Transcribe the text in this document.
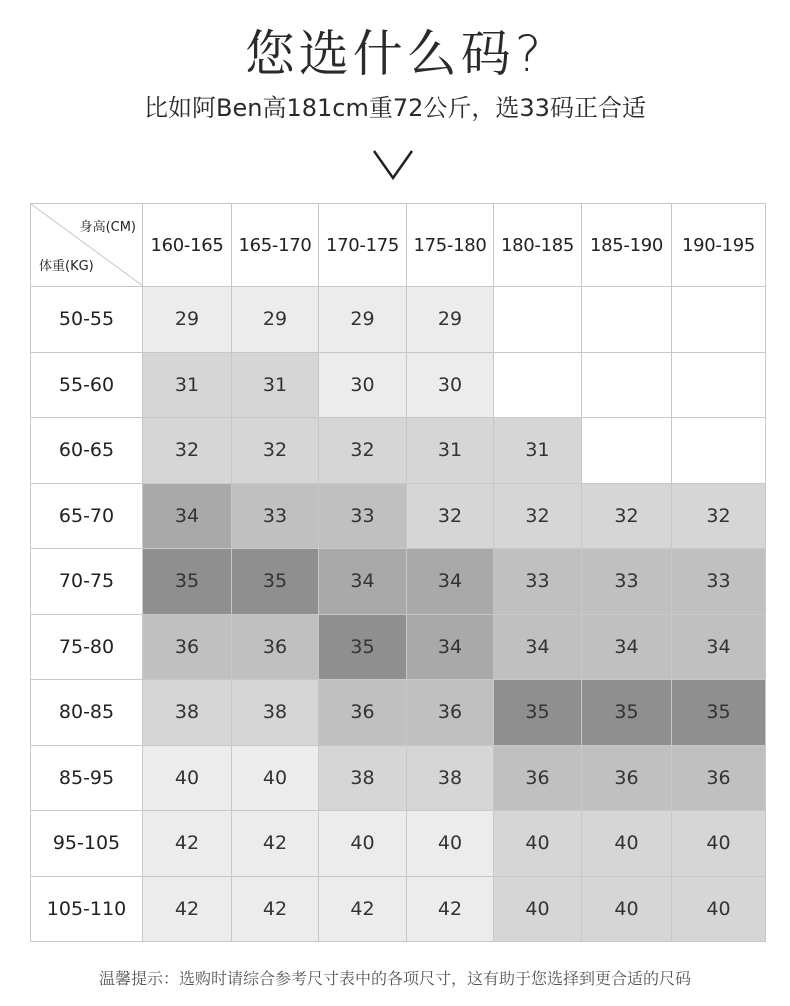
您选什么码?
比如阿Ben高181cm重72公斤，选33码正合适
身高(CM)
体重(KG)	160-165	165-170	170-175	175-180	180-185	185-190	190-195
50-55	29	29	29	29			
55-60	31	31	30	30			
60-65	32	32	32	31	31		
65-70	34	33	33	32	32	32	32
70-75	35	35	34	34	33	33	33
75-80	36	36	35	34	34	34	34
80-85	38	38	36	36	35	35	35
85-95	40	40	38	38	36	36	36
95-105	42	42	40	40	40	40	40
105-110	42	42	42	42	40	40	40
温馨提示：选购时请综合参考尺寸表中的各项尺寸，这有助于您选择到更合适的尺码
